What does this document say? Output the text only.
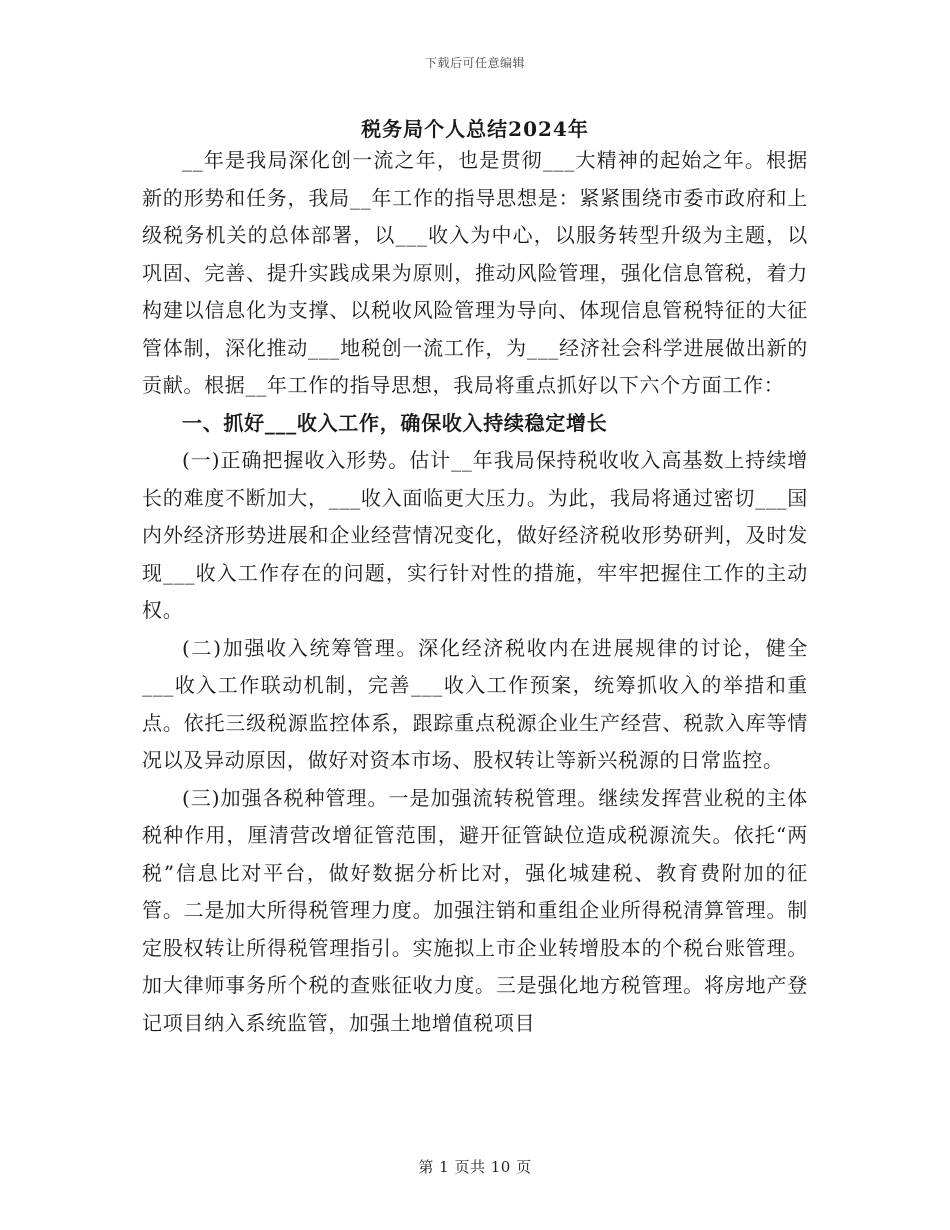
下载后可任意编辑
税务局个人总结2024年

__年是我局深化创一流之年，也是贯彻___大精神的起始之年。根据新的形势和任务，我局__年工作的指导思想是：紧紧围绕市委市政府和上级税务机关的总体部署，以___收入为中心，以服务转型升级为主题，以巩固、完善、提升实践成果为原则，推动风险管理，强化信息管税，着力构建以信息化为支撑、以税收风险管理为导向、体现信息管税特征的大征管体制，深化推动___地税创一流工作，为___经济社会科学进展做出新的贡献。根据__年工作的指导思想，我局将重点抓好以下六个方面工作：

一、抓好___收入工作，确保收入持续稳定增长

(一)正确把握收入形势。估计__年我局保持税收收入高基数上持续增长的难度不断加大，___收入面临更大压力。为此，我局将通过密切___国内外经济形势进展和企业经营情况变化，做好经济税收形势研判，及时发现___收入工作存在的问题，实行针对性的措施，牢牢把握住工作的主动权。

(二)加强收入统筹管理。深化经济税收内在进展规律的讨论，健全___收入工作联动机制，完善___收入工作预案，统筹抓收入的举措和重点。依托三级税源监控体系，跟踪重点税源企业生产经营、税款入库等情况以及异动原因，做好对资本市场、股权转让等新兴税源的日常监控。

(三)加强各税种管理。一是加强流转税管理。继续发挥营业税的主体税种作用，厘清营改增征管范围，避开征管缺位造成税源流失。依托“两税”信息比对平台，做好数据分析比对，强化城建税、教育费附加的征管。二是加大所得税管理力度。加强注销和重组企业所得税清算管理。制定股权转让所得税管理指引。实施拟上市企业转增股本的个税台账管理。加大律师事务所个税的查账征收力度。三是强化地方税管理。将房地产登记项目纳入系统监管，加强土地增值税项目

第 1 页共 10 页
